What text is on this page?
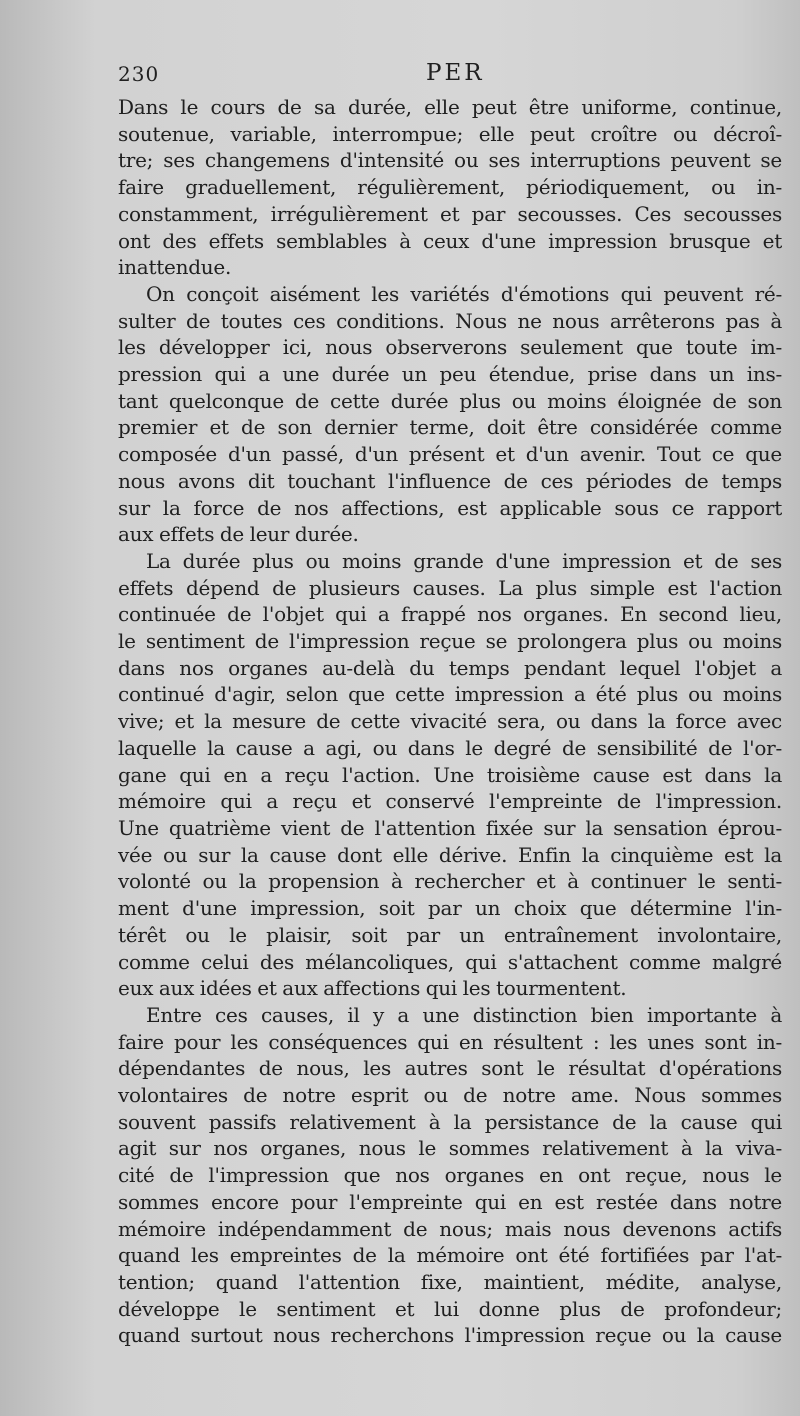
230	PER
Dans le cours de sa durée, elle peut être uniforme, continue,
soutenue, variable, interrompue; elle peut croître ou décroî-
tre; ses changemens d'intensité ou ses interruptions peuvent se
faire graduellement, régulièrement, périodiquement, ou in-
constamment, irrégulièrement et par secousses. Ces secousses
ont des effets semblables à ceux d'une impression brusque et
inattendue.
On conçoit aisément les variétés d'émotions qui peuvent ré-
sulter de toutes ces conditions. Nous ne nous arrêterons pas à
les développer ici, nous observerons seulement que toute im-
pression qui a une durée un peu étendue, prise dans un ins-
tant quelconque de cette durée plus ou moins éloignée de son
premier et de son dernier terme, doit être considérée comme
composée d'un passé, d'un présent et d'un avenir. Tout ce que
nous avons dit touchant l'influence de ces périodes de temps
sur la force de nos affections, est applicable sous ce rapport
aux effets de leur durée.
La durée plus ou moins grande d'une impression et de ses
effets dépend de plusieurs causes. La plus simple est l'action
continuée de l'objet qui a frappé nos organes. En second lieu,
le sentiment de l'impression reçue se prolongera plus ou moins
dans nos organes au-delà du temps pendant lequel l'objet a
continué d'agir, selon que cette impression a été plus ou moins
vive; et la mesure de cette vivacité sera, ou dans la force avec
laquelle la cause a agi, ou dans le degré de sensibilité de l'or-
gane qui en a reçu l'action. Une troisième cause est dans la
mémoire qui a reçu et conservé l'empreinte de l'impression.
Une quatrième vient de l'attention fixée sur la sensation éprou-
vée ou sur la cause dont elle dérive. Enfin la cinquième est la
volonté ou la propension à rechercher et à continuer le senti-
ment d'une impression, soit par un choix que détermine l'in-
térêt ou le plaisir, soit par un entraînement involontaire,
comme celui des mélancoliques, qui s'attachent comme malgré
eux aux idées et aux affections qui les tourmentent.
Entre ces causes, il y a une distinction bien importante à
faire pour les conséquences qui en résultent : les unes sont in-
dépendantes de nous, les autres sont le résultat d'opérations
volontaires de notre esprit ou de notre ame. Nous sommes
souvent passifs relativement à la persistance de la cause qui
agit sur nos organes, nous le sommes relativement à la viva-
cité de l'impression que nos organes en ont reçue, nous le
sommes encore pour l'empreinte qui en est restée dans notre
mémoire indépendamment de nous; mais nous devenons actifs
quand les empreintes de la mémoire ont été fortifiées par l'at-
tention; quand l'attention fixe, maintient, médite, analyse,
développe le sentiment et lui donne plus de profondeur;
quand surtout nous recherchons l'impression reçue ou la cause
